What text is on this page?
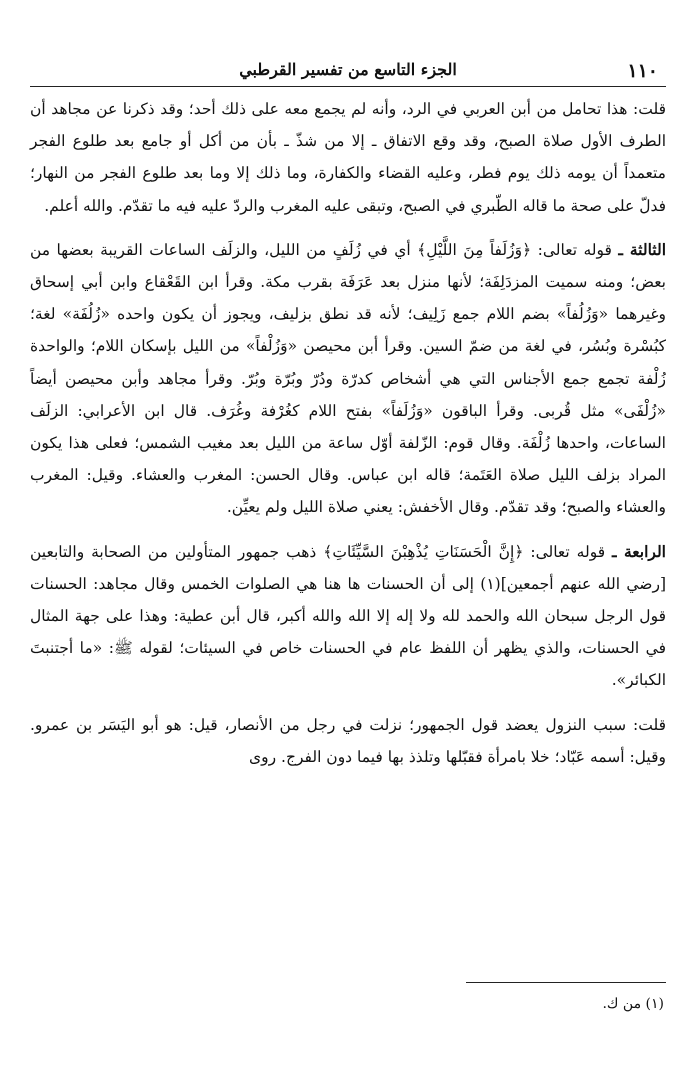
١١٠
الجزء التاسع من تفسير القرطبي

قلت: هذا تحامل من أبن العربي في الرد، وأنه لم يجمع معه على ذلك أحد؛ وقد ذكرنا عن مجاهد أن الطرف الأول صلاة الصبح، وقد وقع الاتفاق ـ إلا من شذّ ـ بأن من أكل أو جامع بعد طلوع الفجر متعمداً أن يومه ذلك يوم فطر، وعليه القضاء والكفارة، وما ذلك إلا وما بعد طلوع الفجر من النهار؛ فدلّ على صحة ما قاله الطّبري في الصبح، وتبقى عليه المغرب والردّ عليه فيه ما تقدّم. والله أعلم.

الثالثة ـ قوله تعالى: ﴿وَزُلَفاً مِنَ اللَّيْلِ﴾ أي في زُلَفٍ من الليل، والزلَف الساعات القريبة بعضها من بعض؛ ومنه سميت المزدَلِفَة؛ لأنها منزل بعد عَرَفَة بقرب مكة. وقرأ ابن القَعْقاع وابن أبي إسحاق وغيرهما «وَزُلُفاً» بضم اللام جمع زَلِيف؛ لأنه قد نطق بزليف، ويجوز أن يكون واحده «زُلُفَة» لغة؛ كبُسْرة وبُسُر، في لغة من ضمّ السين. وقرأ أبن محيصن «وَزُلْفاً» من الليل بإسكان اللام؛ والواحدة زُلْفة تجمع جمع الأجناس التي هي أشخاص كدرّة ودُرّ وبُرّة وبُرّ. وقرأ مجاهد وأبن محيصن أيضاً «زُلْفَى» مثل قُربى. وقرأ الباقون «وَزُلَفاً» بفتح اللام كغُرْفة وغُرَف. قال ابن الأعرابي: الزلَف الساعات، واحدها زُلْفَة. وقال قوم: الزّلفة أوّل ساعة من الليل بعد مغيب الشمس؛ فعلى هذا يكون المراد بزلف الليل صلاة العَتَمة؛ قاله ابن عباس. وقال الحسن: المغرب والعشاء. وقيل: المغرب والعشاء والصبح؛ وقد تقدّم. وقال الأخفش: يعني صلاة الليل ولم يعيِّن.

الرابعة ـ قوله تعالى: ﴿إِنَّ الْحَسَنَاتِ يُذْهِبْنَ السَّيِّئَاتِ﴾ ذهب جمهور المتأولين من الصحابة والتابعين [رضي الله عنهم أجمعين](١) إلى أن الحسنات ها هنا هي الصلوات الخمس وقال مجاهد: الحسنات قول الرجل سبحان الله والحمد لله ولا إله إلا الله والله أكبر، قال أبن عطية: وهذا على جهة المثال في الحسنات، والذي يظهر أن اللفظ عام في الحسنات خاص في السيئات؛ لقوله ﷺ: «ما أجتنبتَ الكبائر».

قلت: سبب النزول يعضد قول الجمهور؛ نزلت في رجل من الأنصار، قيل: هو أبو اليَسَر بن عمرو. وقيل: أسمه عَبّاد؛ خلا بامرأة فقبّلها وتلذذ بها فيما دون الفرج. روى

(١) من ك.
